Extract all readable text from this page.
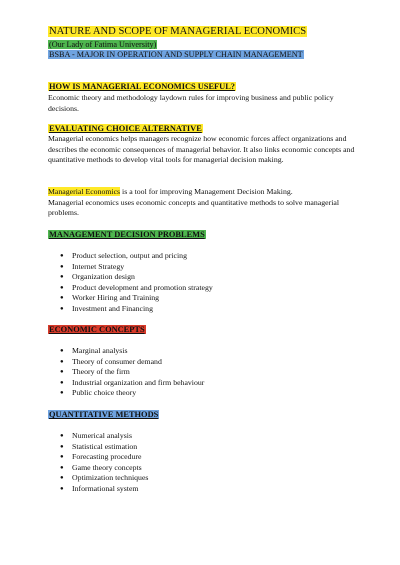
NATURE AND SCOPE OF MANAGERIAL ECONOMICS
(Our Lady of Fatima University)
BSBA - MAJOR IN OPERATION AND SUPPLY CHAIN MANAGEMENT
HOW IS MANAGERIAL ECONOMICS USEFUL?
Economic theory and methodology laydown rules for improving business and public policy decisions.
EVALUATING CHOICE ALTERNATIVE
Managerial economics helps managers recognize how economic forces affect organizations and describes the economic consequences of managerial behavior. It also links economic concepts and quantitative methods to develop vital tools for managerial decision making.
Managerial Economics is a tool for improving Management Decision Making.
Managerial economics uses economic concepts and quantitative methods to solve managerial problems.
MANAGEMENT DECISION PROBLEMS
● Product selection, output and pricing
● Internet Strategy
● Organization design
● Product development and promotion strategy
● Worker Hiring and Training
● Investment and Financing
ECONOMIC CONCEPTS
● Marginal analysis
● Theory of consumer demand
● Theory of the firm
● Industrial organization and firm behaviour
● Public choice theory
QUANTITATIVE METHODS
● Numerical analysis
● Statistical estimation
● Forecasting procedure
● Game theory concepts
● Optimization techniques
● Informational system
